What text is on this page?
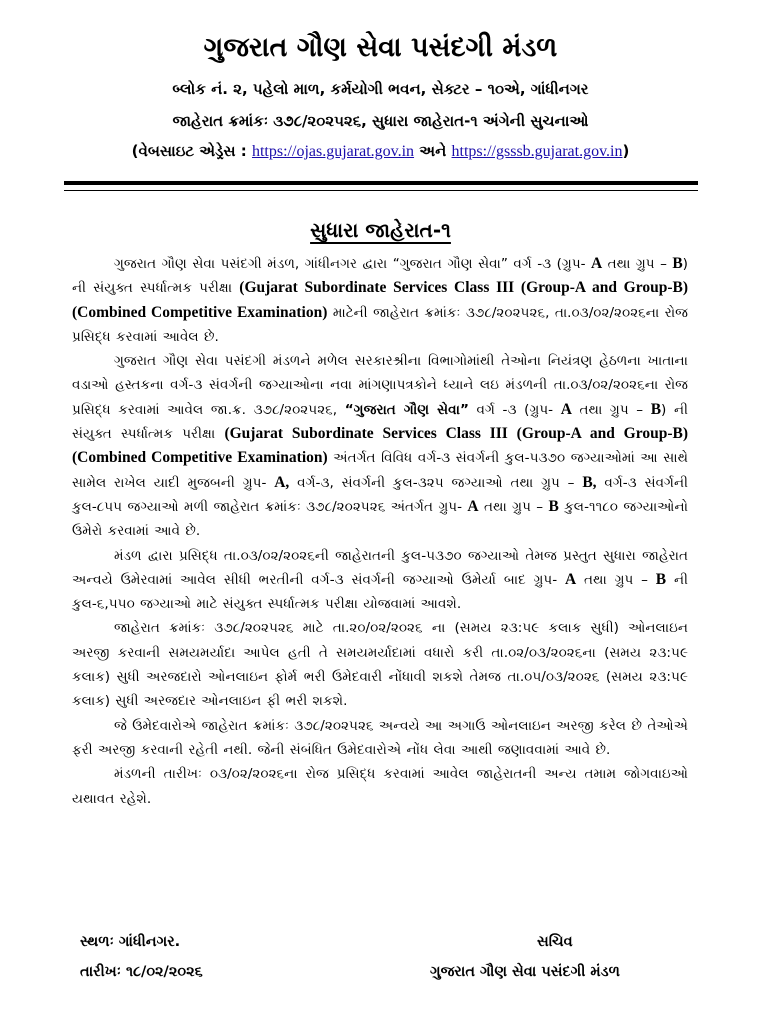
ગુજરાત ગૌણ સેવા પસંદગી મંડળ
બ્લોક નં. ૨, પહેલો માળ, કર્મયોગી ભવન, સેક્ટર – ૧૦એ, ગાંધીનગર
જાહેરાત ક્રમાંકઃ ૩૭૮/૨૦૨૫૨૬, સુધારા જાહેરાત-૧ અંગેની સુચનાઓ
(વેબસાઇટ એડ્રેસ : https://ojas.gujarat.gov.in અને https://gsssb.gujarat.gov.in)
સુધારા જાહેરાત-૧

ગુજરાત ગૌણ સેવા પસંદગી મંડળ, ગાંધીનગર દ્વારા “ગુજરાત ગૌણ સેવા” વર્ગ -૩ (ગ્રુપ- A તથા ગ્રુપ – B) ની સંયુક્ત સ્પર્ધાત્મક પરીક્ષા (Gujarat Subordinate Services Class III (Group-A and Group-B) (Combined Competitive Examination) માટેની જાહેરાત ક્રમાંકઃ ૩૭૮/૨૦૨૫૨૬, તા.૦૩/૦૨/૨૦૨૬ના રોજ પ્રસિદ્ધ કરવામાં આવેલ છે.

ગુજરાત ગૌણ સેવા પસંદગી મંડળને મળેલ સરકારશ્રીના વિભાગોમાંથી તેઓના નિયંત્રણ હેઠળના ખાતાના વડાઓ હસ્તકના વર્ગ-૩ સંવર્ગની જગ્યાઓના નવા માંગણાપત્રકોને ધ્યાને લઇ મંડળની તા.૦૩/૦૨/૨૦૨૬ના રોજ પ્રસિદ્ધ કરવામાં આવેલ જા.ક્ર. ૩૭૮/૨૦૨૫૨૬, “ગુજરાત ગૌણ સેવા” વર્ગ -૩ (ગ્રુપ- A તથા ગ્રુપ – B) ની સંયુક્ત સ્પર્ધાત્મક પરીક્ષા (Gujarat Subordinate Services Class III (Group-A and Group-B) (Combined Competitive Examination) અંતર્ગત વિવિધ વર્ગ-૩ સંવર્ગની કુલ-૫૩૭૦ જગ્યાઓમાં આ સાથે સામેલ રાખેલ યાદી મુજબની ગ્રુપ- A, વર્ગ-૩, સંવર્ગની કુલ-૩૨૫ જગ્યાઓ તથા ગ્રુપ – B, વર્ગ-૩ સંવર્ગની કુલ-૮૫૫ જગ્યાઓ મળી જાહેરાત ક્રમાંકઃ ૩૭૮/૨૦૨૫૨૬ અંતર્ગત ગ્રુપ- A તથા ગ્રુપ – B કુલ-૧૧૮૦ જગ્યાઓનો ઉમેરો કરવામાં આવે છે.

મંડળ દ્વારા પ્રસિદ્ધ તા.૦૩/૦૨/૨૦૨૬ની જાહેરાતની કુલ-૫૩૭૦ જગ્યાઓ તેમજ પ્રસ્તુત સુધારા જાહેરાત અન્વયે ઉમેરવામાં આવેલ સીધી ભરતીની વર્ગ-૩ સંવર્ગની જગ્યાઓ ઉમેર્યા બાદ ગ્રુપ- A તથા ગ્રુપ – B ની કુલ-૬,૫૫૦ જગ્યાઓ માટે સંયુક્ત સ્પર્ધાત્મક પરીક્ષા યોજવામાં આવશે.

જાહેરાત ક્રમાંકઃ ૩૭૮/૨૦૨૫૨૬ માટે તા.૨૦/૦૨/૨૦૨૬ ના (સમય ૨૩:૫૯ કલાક સુધી) ઓનલાઇન અરજી કરવાની સમયમર્યાદા આપેલ હતી તે સમયમર્યાદામાં વધારો કરી તા.૦૨/૦૩/૨૦૨૬ના (સમય ૨૩:૫૯ કલાક) સુધી અરજદારો ઓનલાઇન ફોર્મ ભરી ઉમેદવારી નોંધાવી શકશે તેમજ તા.૦૫/૦૩/૨૦૨૬ (સમય ૨૩:૫૯ કલાક) સુધી અરજદાર ઓનલાઇન ફી ભરી શકશે.

જે ઉમેદવારોએ જાહેરાત ક્રમાંકઃ ૩૭૮/૨૦૨૫૨૬ અન્વયે આ અગાઉ ઓનલાઇન અરજી કરેલ છે તેઓએ ફરી અરજી કરવાની રહેતી નથી. જેની સંબંધિત ઉમેદવારોએ નોંધ લેવા આથી જણાવવામાં આવે છે.

મંડળની તારીખઃ ૦૩/૦૨/૨૦૨૬ના રોજ પ્રસિદ્ધ કરવામાં આવેલ જાહેરાતની અન્ય તમામ જોગવાઇઓ યથાવત રહેશે.

સ્થળઃ ગાંધીનગર.
તારીખઃ ૧૮/૦૨/૨૦૨૬
સચિવ
ગુજરાત ગૌણ સેવા પસંદગી મંડળ
